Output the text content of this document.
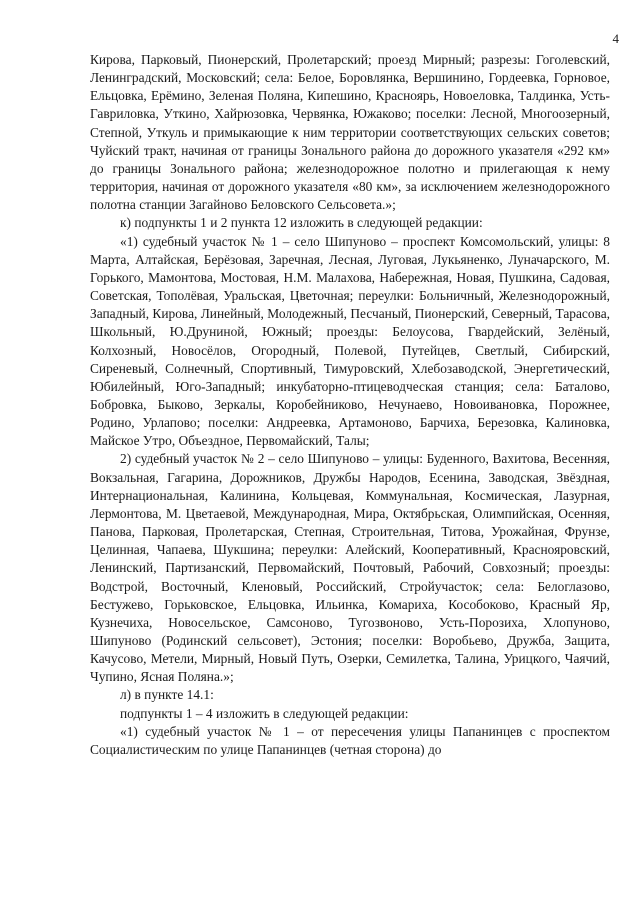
4

Кирова, Парковый, Пионерский, Пролетарский; проезд Мирный; разрезы: Гоголевский, Ленинградский, Московский; села: Белое, Боровлянка, Вершинино, Гордеевка, Горновое, Ельцовка, Ерёмино, Зеленая Поляна, Кипешино, Красноярь, Новоеловка, Талдинка, Усть-Гавриловка, Уткино, Хайрюзовка, Червянка, Южаково; поселки: Лесной, Многоозерный, Степной, Уткуль и примыкающие к ним территории соответствующих сельских советов; Чуйский тракт, начиная от границы Зонального района до дорожного указателя «292 км» до границы Зонального района; железнодорожное полотно и прилегающая к нему территория, начиная от дорожного указателя «80 км», за исключением железнодорожного полотна станции Загайново Беловского Сельсовета.»;

к) подпункты 1 и 2 пункта 12 изложить в следующей редакции:

«1) судебный участок № 1 – село Шипуново – проспект Комсомольский, улицы: 8 Марта, Алтайская, Берёзовая, Заречная, Лесная, Луговая, Лукьяненко, Луначарского, М. Горького, Мамонтова, Мостовая, Н.М. Малахова, Набережная, Новая, Пушкина, Садовая, Советская, Тополёвая, Уральская, Цветочная; переулки: Больничный, Железнодорожный, Западный, Кирова, Линейный, Молодежный, Песчаный, Пионерский, Северный, Тарасова, Школьный, Ю.Друниной, Южный; проезды: Белоусова, Гвардейский, Зелёный, Колхозный, Новосёлов, Огородный, Полевой, Путейцев, Светлый, Сибирский, Сиреневый, Солнечный, Спортивный, Тимуровский, Хлебозаводской, Энергетический, Юбилейный, Юго-Западный; инкубаторно-птицеводческая станция; села: Баталово, Бобровка, Быково, Зеркалы, Коробейниково, Нечунаево, Новоивановка, Порожнее, Родино, Урлапово; поселки: Андреевка, Артамоново, Барчиха, Березовка, Калиновка, Майское Утро, Объездное, Первомайский, Талы;

2) судебный участок № 2 – село Шипуново – улицы: Буденного, Вахитова, Весенняя, Вокзальная, Гагарина, Дорожников, Дружбы Народов, Есенина, Заводская, Звёздная, Интернациональная, Калинина, Кольцевая, Коммунальная, Космическая, Лазурная, Лермонтова, М. Цветаевой, Международная, Мира, Октябрьская, Олимпийская, Осенняя, Панова, Парковая, Пролетарская, Степная, Строительная, Титова, Урожайная, Фрунзе, Целинная, Чапаева, Шукшина; переулки: Алейский, Кооперативный, Краснояровский, Ленинский, Партизанский, Первомайский, Почтовый, Рабочий, Совхозный; проезды: Водстрой, Восточный, Кленовый, Российский, Стройучасток; села: Белоглазово, Бестужево, Горьковское, Ельцовка, Ильинка, Комариха, Кособоково, Красный Яр, Кузнечиха, Новосельское, Самсоново, Тугозвоново, Усть-Порозиха, Хлопуново, Шипуново (Родинский сельсовет), Эстония; поселки: Воробьево, Дружба, Защита, Качусово, Метели, Мирный, Новый Путь, Озерки, Семилетка, Талина, Урицкого, Чаячий, Чупино, Ясная Поляна.»;

л) в пункте 14.1:

подпункты 1 – 4 изложить в следующей редакции:

«1) судебный участок № 1 – от пересечения улицы Папанинцев с проспектом Социалистическим по улице Папанинцев (четная сторона) до
